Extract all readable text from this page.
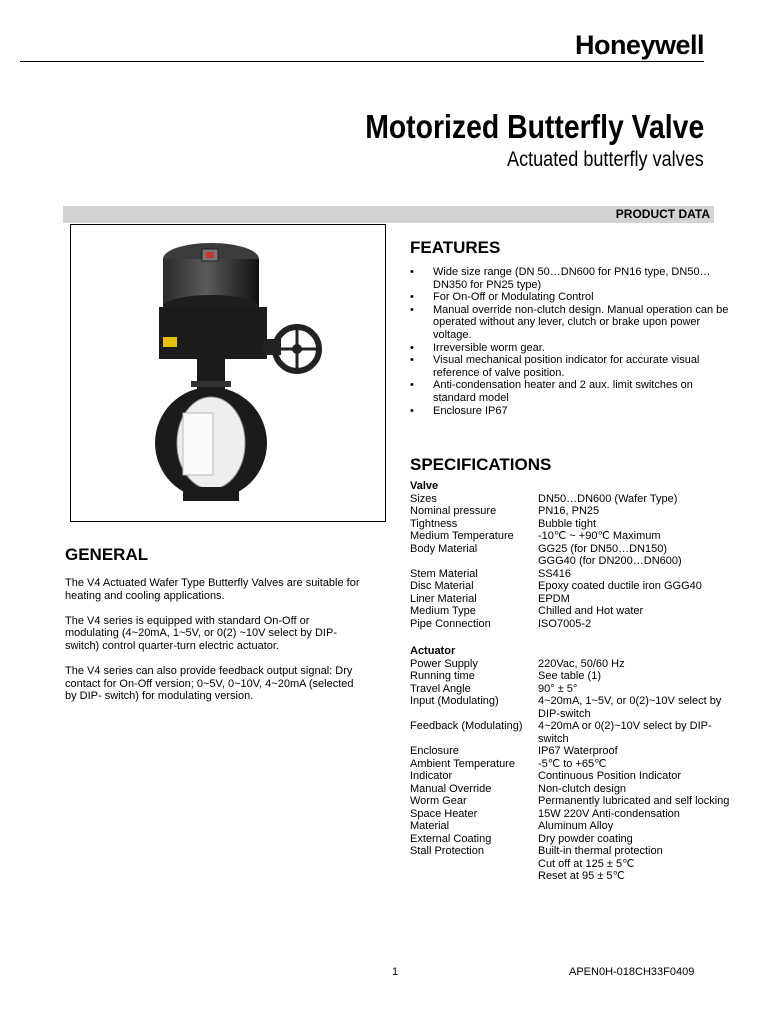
Honeywell
Motorized Butterfly Valve
Actuated butterfly valves
PRODUCT DATA
FEATURES
• Wide size range (DN 50…DN600 for PN16 type, DN50…DN350 for PN25 type)
• For On-Off or Modulating Control
• Manual override non-clutch design. Manual operation can be operated without any lever, clutch or brake upon power voltage.
• Irreversible worm gear.
• Visual mechanical position indicator for accurate visual reference of valve position.
• Anti-condensation heater and 2 aux. limit switches on standard model
• Enclosure IP67
SPECIFICATIONS
Valve
Sizes	DN50…DN600 (Wafer Type)
Nominal pressure	PN16, PN25
Tightness	Bubble tight
Medium Temperature	-10℃ ~ +90℃ Maximum
Body Material	GG25 (for DN50…DN150)
GGG40 (for DN200…DN600)
Stem Material	SS416
Disc Material	Epoxy coated ductile iron GGG40
Liner Material	EPDM
Medium Type	Chilled and Hot water
Pipe Connection	ISO7005-2
Actuator
Power Supply	220Vac, 50/60 Hz
Running time	See table (1)
Travel Angle	90° ± 5°
Input (Modulating)	4~20mA, 1~5V, or 0(2)~10V select by DIP-switch
Feedback (Modulating)	4~20mA or 0(2)~10V select by DIP-switch
Enclosure	IP67 Waterproof
Ambient Temperature	-5℃ to +65℃
Indicator	Continuous Position Indicator
Manual Override	Non-clutch design
Worm Gear	Permanently lubricated and self locking
Space Heater	15W 220V Anti-condensation
Material	Aluminum Alloy
External Coating	Dry powder coating
Stall Protection	Built-in thermal protection
Cut off at 125 ± 5℃
Reset at 95 ± 5℃
GENERAL

The V4 Actuated Wafer Type Butterfly Valves are suitable for heating and cooling applications.

The V4 series is equipped with standard On-Off or modulating (4~20mA, 1~5V, or 0(2) ~10V select by DIP-switch) control quarter-turn electric actuator.

The V4 series can also provide feedback output signal: Dry contact for On-Off version; 0~5V, 0~10V, 4~20mA (selected by DIP- switch) for modulating version.

1	APEN0H-018CH33F0409
